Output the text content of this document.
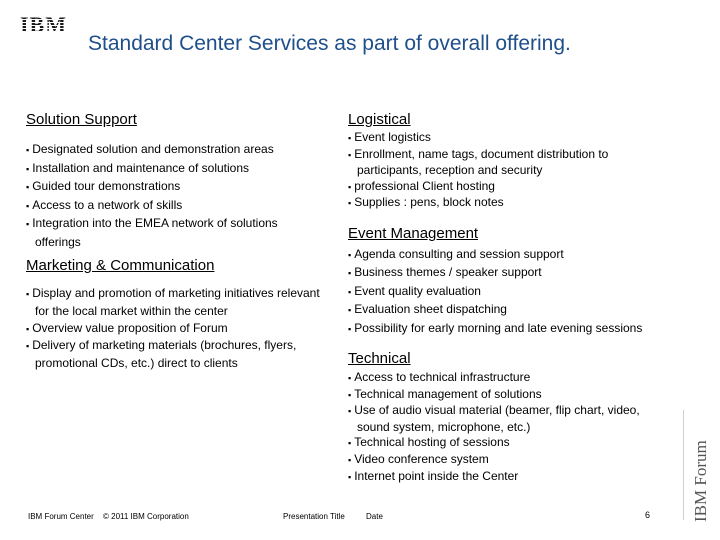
IBM
Standard Center Services as part of overall offering.
Solution Support
▪ Designated solution and demonstration areas
▪ Installation and maintenance of solutions
▪ Guided tour demonstrations
▪ Access to a network of skills
▪ Integration into the EMEA network of solutions offerings
Marketing & Communication
▪ Display and promotion of marketing initiatives relevant for the local market within the center
▪ Overview value proposition of Forum
▪ Delivery of marketing materials (brochures, flyers, promotional CDs, etc.) direct to clients
Logistical
▪ Event logistics
▪ Enrollment, name tags, document distribution to participants, reception and security
▪ professional Client hosting
▪ Supplies : pens, block notes
Event Management
▪ Agenda consulting and session support
▪ Business themes / speaker support
▪ Event quality evaluation
▪ Evaluation sheet dispatching
▪ Possibility for early morning and late evening sessions
Technical
▪ Access to technical infrastructure
▪ Technical management of solutions
▪ Use of audio visual material (beamer, flip chart, video, sound system, microphone, etc.)
▪ Technical hosting of sessions
▪ Video conference system
▪ Internet point inside the Center	IBM Forum
IBM Forum Center © 2011 IBM Corporation	Presentation Title	Date	6
